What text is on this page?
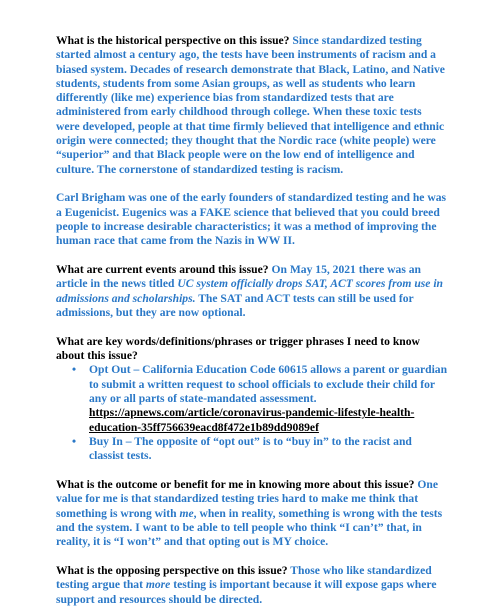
What is the historical perspective on this issue? Since standardized testing started almost a century ago, the tests have been instruments of racism and a biased system. Decades of research demonstrate that Black, Latino, and Native students, students from some Asian groups, as well as students who learn differently (like me) experience bias from standardized tests that are administered from early childhood through college. When these toxic tests were developed, people at that time firmly believed that intelligence and ethnic origin were connected; they thought that the Nordic race (white people) were “superior” and that Black people were on the low end of intelligence and culture. The cornerstone of standardized testing is racism.

Carl Brigham was one of the early founders of standardized testing and he was a Eugenicist. Eugenics was a FAKE science that believed that you could breed people to increase desirable characteristics; it was a method of improving the human race that came from the Nazis in WW II.

What are current events around this issue? On May 15, 2021 there was an article in the news titled UC system officially drops SAT, ACT scores from use in admissions and scholarships. The SAT and ACT tests can still be used for admissions, but they are now optional.

What are key words/definitions/phrases or trigger phrases I need to know about this issue?
• Opt Out – California Education Code 60615 allows a parent or guardian to submit a written request to school officials to exclude their child for any or all parts of state-mandated assessment. https://apnews.com/article/coronavirus-pandemic-lifestyle-health-education-35ff756639eacd8f472e1b89dd9089ef
• Buy In – The opposite of “opt out” is to “buy in” to the racist and classist tests.

What is the outcome or benefit for me in knowing more about this issue? One value for me is that standardized testing tries hard to make me think that something is wrong with me, when in reality, something is wrong with the tests and the system. I want to be able to tell people who think “I can’t” that, in reality, it is “I won’t” and that opting out is MY choice.

What is the opposing perspective on this issue? Those who like standardized testing argue that more testing is important because it will expose gaps where support and resources should be directed.
